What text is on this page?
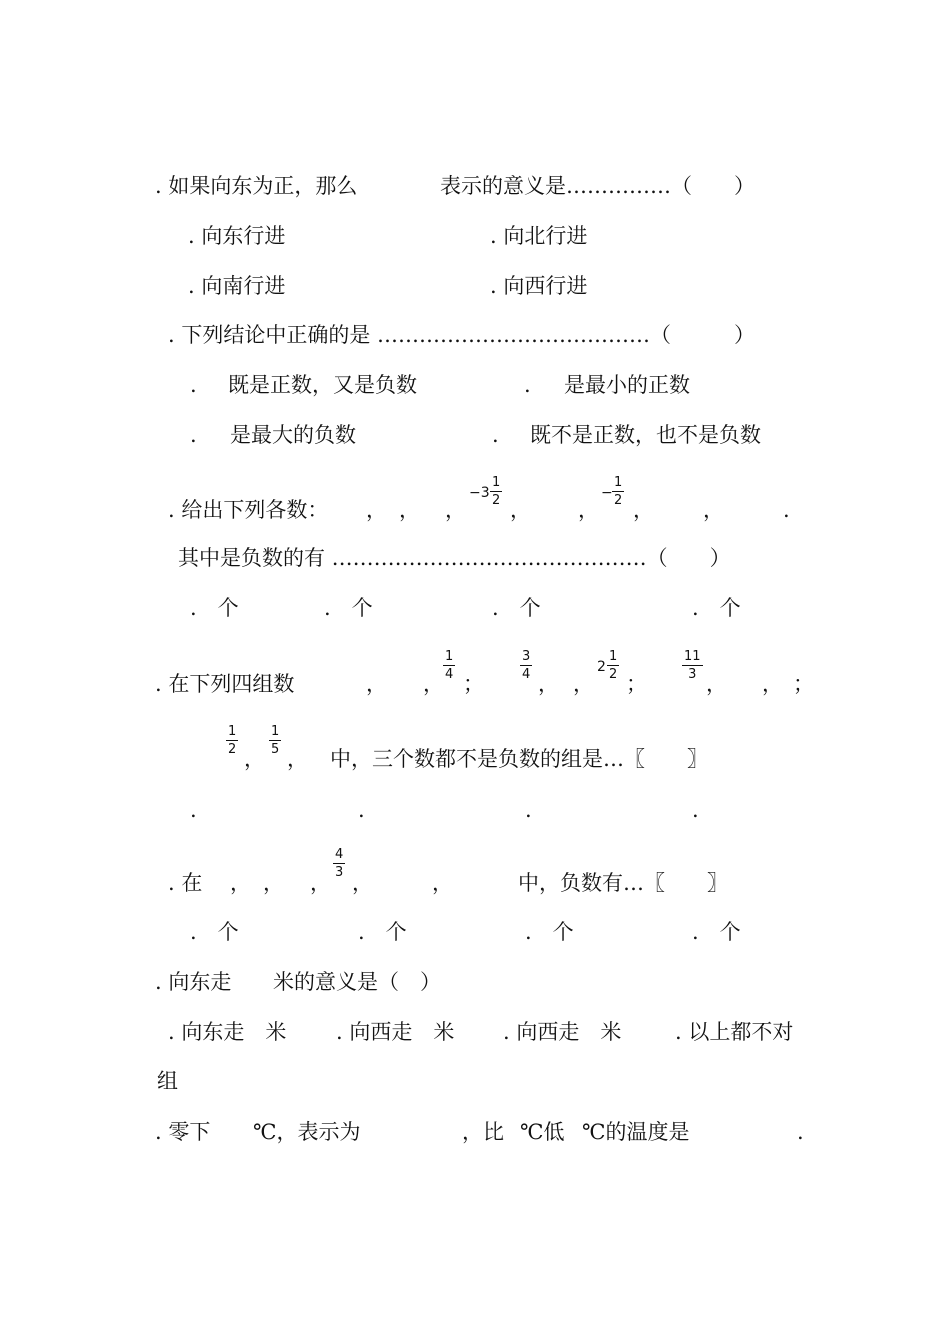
. 如果向东为正，那么	表示的意义是……………（　　）
. 向东行进	. 向北行进
. 向南行进	. 向西行进
. 下列结论中正确的是 …………………………………（　　　）
. 既是正数，又是负数	. 是最小的正数
. 是最大的负数	. 既不是正数，也不是负数
. 给出下列各数： ， ， ，
$-3 \frac{1}{2}$
， ，
− $\frac{1}{2}$
， ，	.
其中是负数的有 ………………………………………（　　）
.　个	.　个	.　个	.　个
. 在下列四组数	， ，
$\frac{1}{4}$
；
$\frac{3}{4}$
， ，
$2 \frac{1}{2}$
；
$\frac{11}{3}$
， ， ；
$\frac{1}{2}$
，
$\frac{1}{5}$
， 中，三个数都不是负数的组是…〖　　〗
.	.	.	.
. 在 ， ， ，
$\frac{4}{3}$
，	，	中，负数有…〖　　〗
.　个	.　个	.　个	.　个
. 向东走 米的意义是（　）
. 向东走　米 . 向西走　米 . 向西走　米	. 以上都不对
组
. 零下 ℃，表示为	，比 ℃低 ℃的温度是	.
